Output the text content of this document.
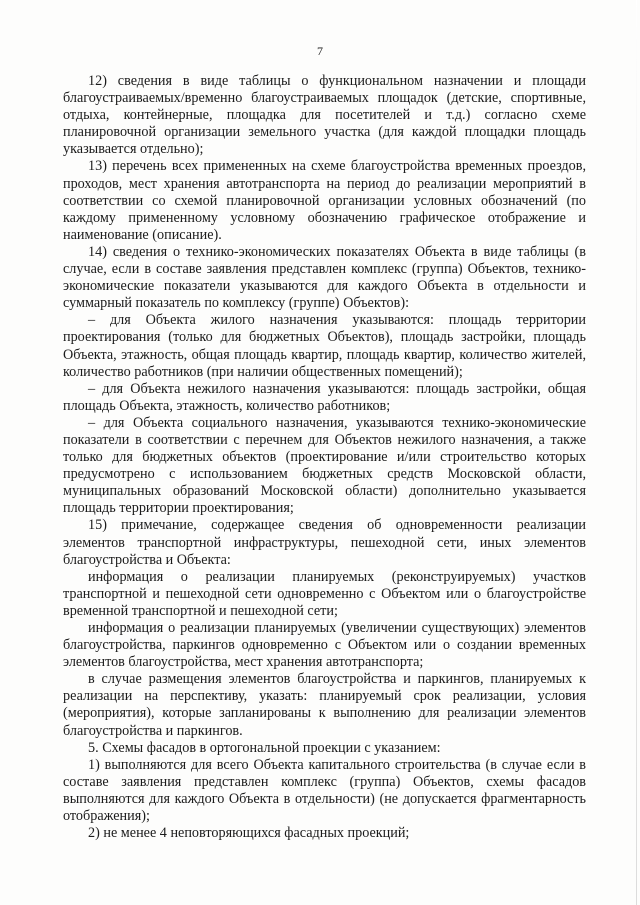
7

12) сведения в виде таблицы о функциональном назначении и площади благоустраиваемых/временно благоустраиваемых площадок (детские, спортивные, отдыха, контейнерные, площадка для посетителей и т.д.) согласно схеме планировочной организации земельного участка (для каждой площадки площадь указывается отдельно);

13) перечень всех примененных на схеме благоустройства временных проездов, проходов, мест хранения автотранспорта на период до реализации мероприятий в соответствии со схемой планировочной организации условных обозначений (по каждому примененному условному обозначению графическое отображение и наименование (описание).

14) сведения о технико-экономических показателях Объекта в виде таблицы (в случае, если в составе заявления представлен комплекс (группа) Объектов, технико-экономические показатели указываются для каждого Объекта в отдельности и суммарный показатель по комплексу (группе) Объектов):

– для Объекта жилого назначения указываются: площадь территории проектирования (только для бюджетных Объектов), площадь застройки, площадь Объекта, этажность, общая площадь квартир, площадь квартир, количество жителей, количество работников (при наличии общественных помещений);

– для Объекта нежилого назначения указываются: площадь застройки, общая площадь Объекта, этажность, количество работников;

– для Объекта социального назначения, указываются технико-экономические показатели в соответствии с перечнем для Объектов нежилого назначения, а также только для бюджетных объектов (проектирование и/или строительство которых предусмотрено с использованием бюджетных средств Московской области, муниципальных образований Московской области) дополнительно указывается площадь территории проектирования;

15) примечание, содержащее сведения об одновременности реализации элементов транспортной инфраструктуры, пешеходной сети, иных элементов благоустройства и Объекта:

информация о реализации планируемых (реконструируемых) участков транспортной и пешеходной сети одновременно с Объектом или о благоустройстве временной транспортной и пешеходной сети;

информация о реализации планируемых (увеличении существующих) элементов благоустройства, паркингов одновременно с Объектом или о создании временных элементов благоустройства, мест хранения автотранспорта;

в случае размещения элементов благоустройства и паркингов, планируемых к реализации на перспективу, указать: планируемый срок реализации, условия (мероприятия), которые запланированы к выполнению для реализации элементов благоустройства и паркингов.

5. Схемы фасадов в ортогональной проекции с указанием:

1) выполняются для всего Объекта капитального строительства (в случае если в составе заявления представлен комплекс (группа) Объектов, схемы фасадов выполняются для каждого Объекта в отдельности) (не допускается фрагментарность отображения);

2) не менее 4 неповторяющихся фасадных проекций;
